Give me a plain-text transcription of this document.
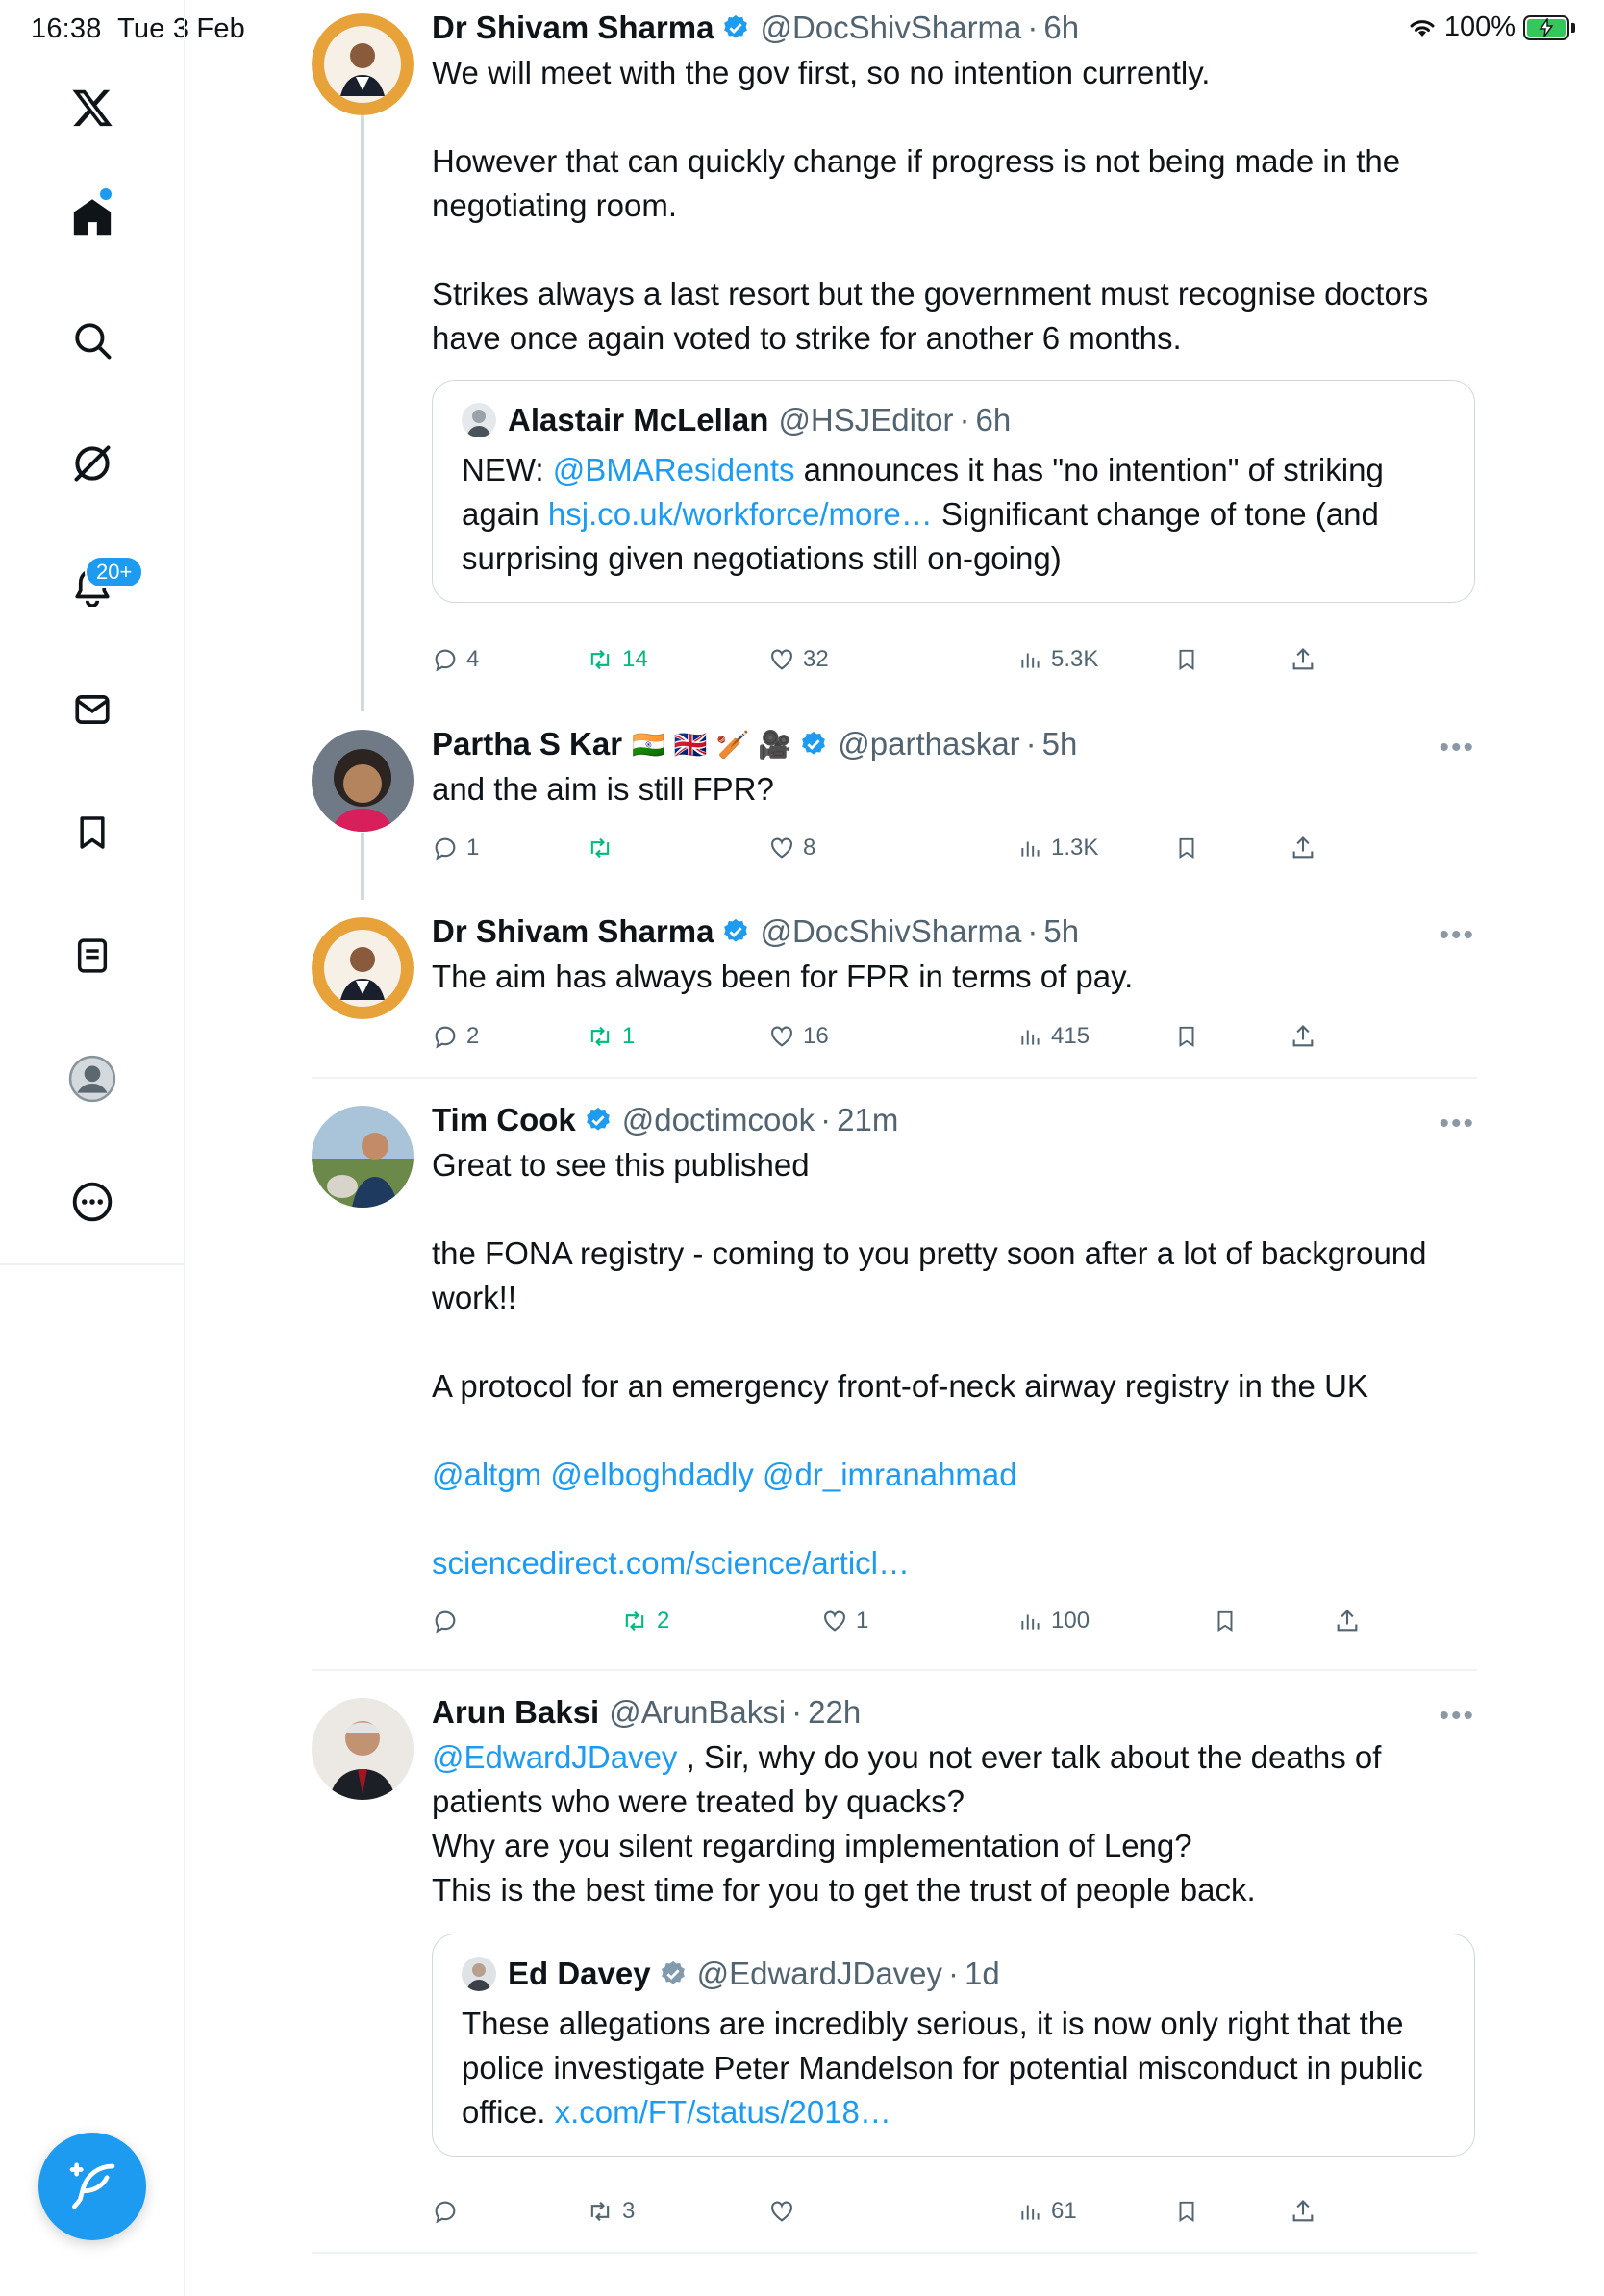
16:38 Tue 3 Feb	100%
20+
Dr Shivam Sharma @DocShivSharma · 6h
We will meet with the gov first, so no intention currently.

However that can quickly change if progress is not being made in the negotiating room.

Strikes always a last resort but the government must recognise doctors have once again voted to strike for another 6 months.
Alastair McLellan @HSJEditor · 6h
NEW: @BMAResidents announces it has "no intention" of striking again hsj.co.uk/workforce/more… Significant change of tone (and surprising given negotiations still on-going)
4	14	32	5.3K
Partha S Kar 🇮🇳 🇬🇧 🏏 🎥 @parthaskar · 5h	•••
and the aim is still FPR?
1	8	1.3K
Dr Shivam Sharma @DocShivSharma · 5h	•••
The aim has always been for FPR in terms of pay.
2	1	16	415
Tim Cook @doctimcook · 21m	•••
Great to see this published

the FONA registry - coming to you pretty soon after a lot of background work!!

A protocol for an emergency front-of-neck airway registry in the UK
@altgm @elboghdadly @dr_imranahmad
sciencedirect.com/science/articl…
2	1	100
Arun Baksi @ArunBaksi · 22h	•••
@EdwardJDavey , Sir, why do you not ever talk about the deaths of patients who were treated by quacks?
Why are you silent regarding implementation of Leng?
This is the best time for you to get the trust of people back.
Ed Davey @EdwardJDavey · 1d
These allegations are incredibly serious, it is now only right that the police investigate Peter Mandelson for potential misconduct in public office. x.com/FT/status/2018…
3	61
